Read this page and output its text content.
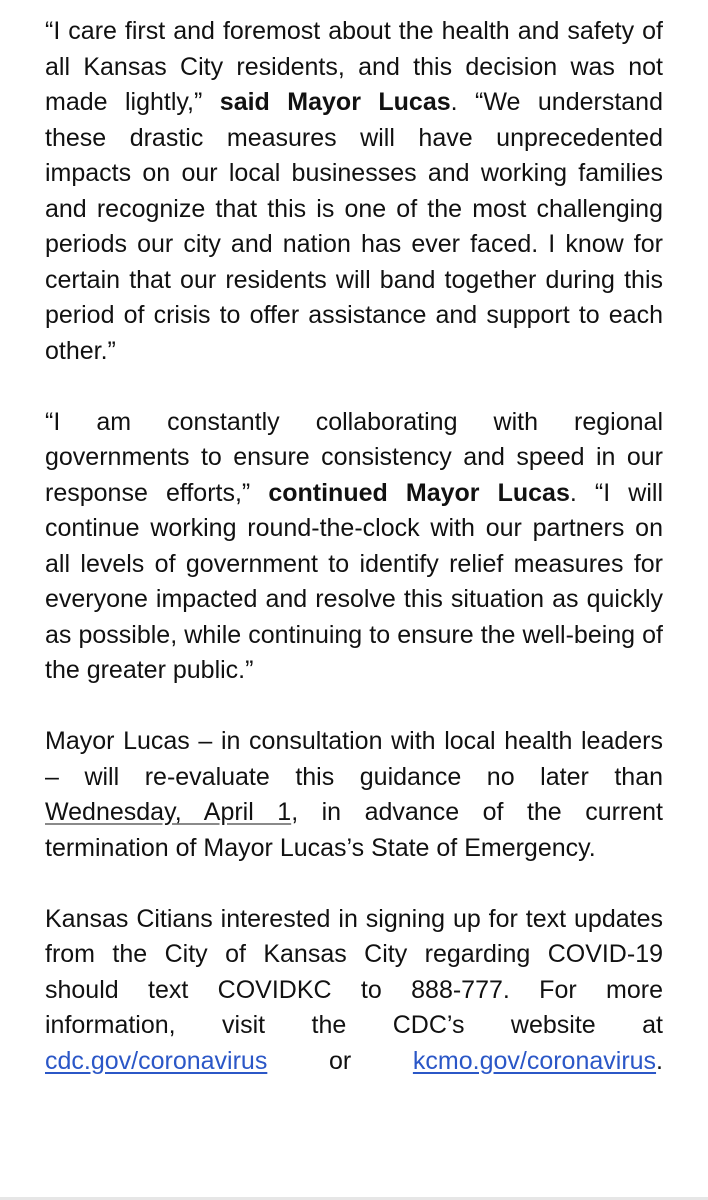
“I care first and foremost about the health and safety of all Kansas City residents, and this decision was not made lightly,” said Mayor Lucas. “We understand these drastic measures will have unprecedented impacts on our local businesses and working families and recognize that this is one of the most challenging periods our city and nation has ever faced. I know for certain that our residents will band together during this period of crisis to offer assistance and support to each other.”

“I am constantly collaborating with regional governments to ensure consistency and speed in our response efforts,” continued Mayor Lucas. “I will continue working round-the-clock with our partners on all levels of government to identify relief measures for everyone impacted and resolve this situation as quickly as possible, while continuing to ensure the well-being of the greater public.”

Mayor Lucas – in consultation with local health leaders – will re-evaluate this guidance no later than Wednesday, April 1, in advance of the current termination of Mayor Lucas’s State of Emergency.

Kansas Citians interested in signing up for text updates from the City of Kansas City regarding COVID-19 should text COVIDKC to 888-777. For more information, visit the CDC’s website at cdc.gov/coronavirus or kcmo.gov/coronavirus.
